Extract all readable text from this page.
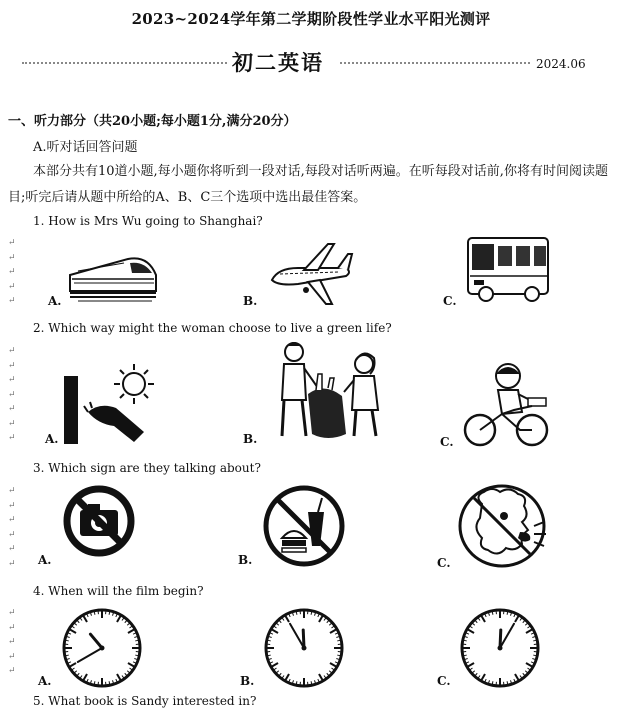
2023~2024学年第二学期阶段性学业水平阳光测评
初二英语	2024.06
一、听力部分（共20小题;每小题1分,满分20分）
A.听对话回答问题
本部分共有10道小题,每小题你将听到一段对话,每段对话听两遍。在听每段对话前,你将有时间阅读题目;听完后请从题中所给的A、B、C三个选项中选出最佳答案。
1. How is Mrs Wu going to Shanghai?
A.	B.	C.
2. Which way might the woman choose to live a green life?
A.	B.	C.
3. Which sign are they talking about?
A.	B.	C.
4. When will the film begin?
A.	B.	C.
5. What book is Sandy interested in?
↵
↵
↵
↵
↵
↵
↵
↵
↵
↵
↵
↵
↵
↵
↵
↵
↵
↵
↵
↵
↵
↵
↵
